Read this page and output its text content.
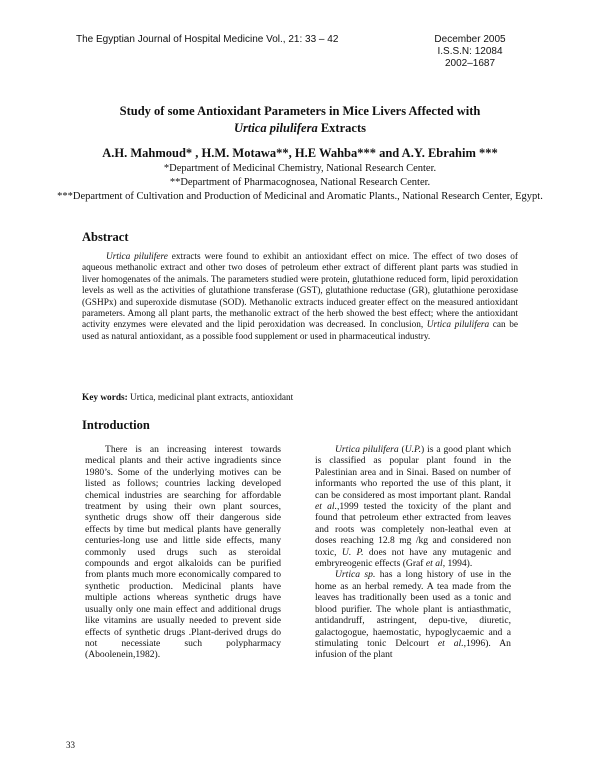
The Egyptian Journal of Hospital Medicine Vol., 21: 33 – 42	December 2005
I.S.S.N: 12084
2002–1687
Study of some Antioxidant Parameters in Mice Livers Affected with
Urtica pilulifera Extracts
A.H. Mahmoud* , H.M. Motawa**, H.E Wahba*** and A.Y. Ebrahim ***
*Department of Medicinal Chemistry, National Research Center.
**Department of Pharmacognosea, National Research Center.
***Department of Cultivation and Production of Medicinal and Aromatic Plants., National Research Center, Egypt.
Abstract
Urtica pilulifere extracts were found to exhibit an antioxidant effect on mice. The effect of two doses of aqueous methanolic extract and other two doses of petroleum ether extract of different plant parts was studied in liver homogenates of the animals. The parameters studied were protein, glutathione reduced form, lipid peroxidation levels as well as the activities of glutathione transferase (GST), glutathione reductase (GR), glutathione peroxidase (GSHPx) and superoxide dismutase (SOD). Methanolic extracts induced greater effect on the measured antioxidant parameters. Among all plant parts, the methanolic extract of the herb showed the best effect; where the antioxidant activity enzymes were elevated and the lipid peroxidation was decreased. In conclusion, Urtica pilulifera can be used as natural antioxidant, as a possible food supplement or used in pharmaceutical industry.
Key words: Urtica, medicinal plant extracts, antioxidant
Introduction

There is an increasing interest towards medical plants and their active ingradients since 1980’s. Some of the underlying motives can be listed as follows; countries lacking developed chemical industries are searching for affordable treatment by using their own plant sources, synthetic drugs show off their dangerous side effects by time but medical plants have generally centuries-long use and little side effects, many commonly used drugs such as steroidal compounds and ergot alkaloids can be purified from plants much more economically compared to synthetic production. Medicinal plants have multiple actions whereas synthetic drugs have usually only one main effect and additional drugs like vitamins are usually needed to prevent side effects of synthetic drugs .Plant-derived drugs do not necessiate such polypharmacy (Aboolenein,1982).

Urtica pilulifera (U.P.) is a good plant which is classified as popular plant found in the Palestinian area and in Sinai. Based on number of informants who reported the use of this plant, it can be considered as most important plant. Randal et al.,1999 tested the toxicity of the plant and found that petroleum ether extracted from leaves and roots was completely non-leathal even at doses reaching 12.8 mg /kg and considered non toxic, U. P. does not have any mutagenic and embryreogenic effects (Graf et al, 1994).

Urtica sp. has a long history of use in the home as an herbal remedy. A tea made from the leaves has traditionally been used as a tonic and blood purifier. The whole plant is antiasthmatic, antidandruff, astringent, depu-tive, diuretic, galactogogue, haemostatic, hypoglycaemic and a stimulating tonic Delcourt et al.,1996). An infusion of the plant

33
